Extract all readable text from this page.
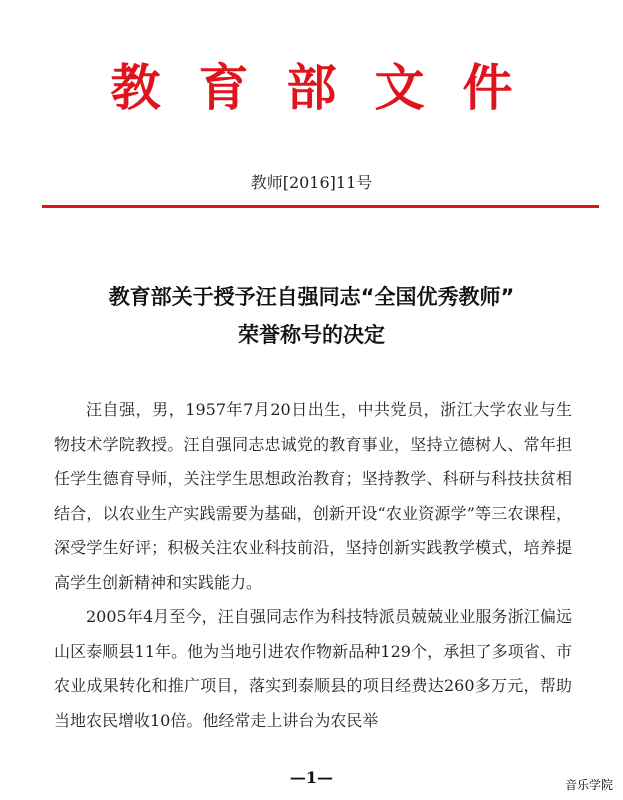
教育部文件
教师[2016]11号
教育部关于授予汪自强同志“全国优秀教师”
荣誉称号的决定

汪自强，男，1957年7月20日出生，中共党员，浙江大学农业与生物技术学院教授。汪自强同志忠诚党的教育事业，坚持立德树人、常年担任学生德育导师，关注学生思想政治教育；坚持教学、科研与科技扶贫相结合，以农业生产实践需要为基础，创新开设“农业资源学”等三农课程，深受学生好评；积极关注农业科技前沿，坚持创新实践教学模式，培养提高学生创新精神和实践能力。

2005年4月至今，汪自强同志作为科技特派员兢兢业业服务浙江偏远山区泰顺县11年。他为当地引进农作物新品种129个，承担了多项省、市农业成果转化和推广项目，落实到泰顺县的项目经费达260多万元，帮助当地农民增收10倍。他经常走上讲台为农民举

—1—	音乐学院
